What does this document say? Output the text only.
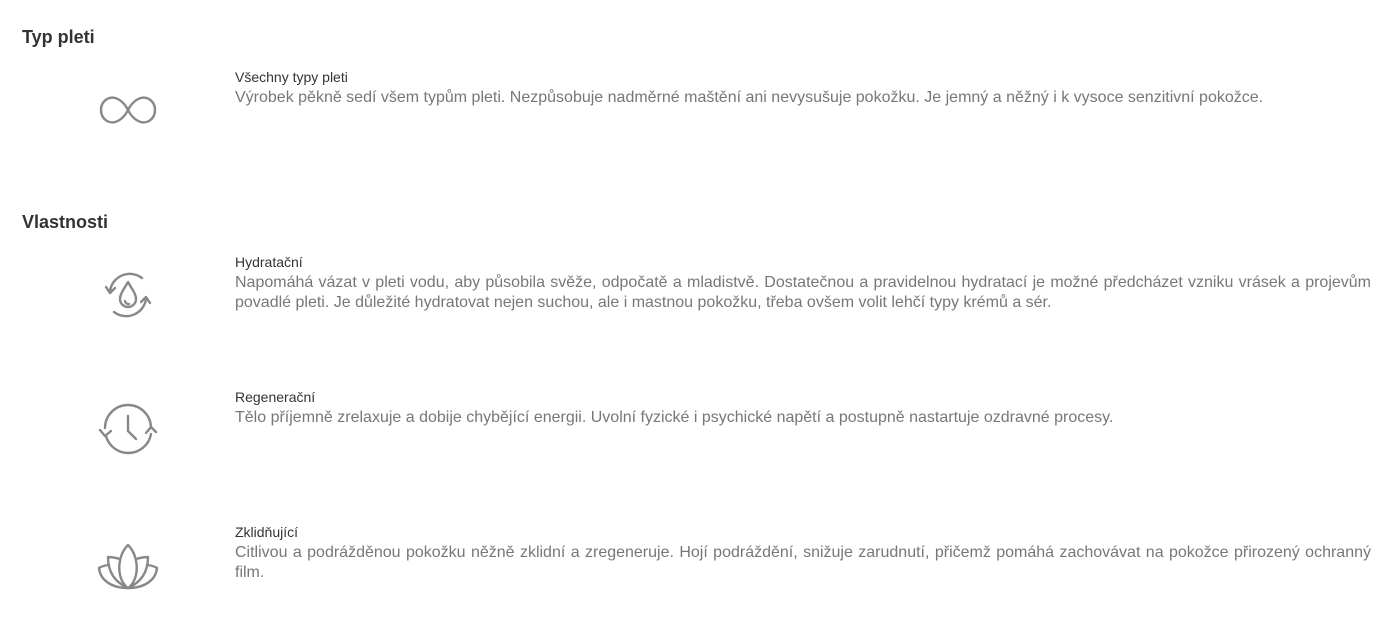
Typ pleti

Všechny typy pleti

Výrobek pěkně sedí všem typům pleti. Nezpůsobuje nadměrné maštění ani nevysušuje pokožku. Je jemný a něžný i k vysoce senzitivní pokožce.

Vlastnosti

Hydratační

Napomáhá vázat v pleti vodu, aby působila svěže, odpočatě a mladistvě. Dostatečnou a pravidelnou hydratací je možné předcházet vzniku vrásek a projevům povadlé pleti. Je důležité hydratovat nejen suchou, ale i mastnou pokožku, třeba ovšem volit lehčí typy krémů a sér.

Regenerační

Tělo příjemně zrelaxuje a dobije chybějící energii. Uvolní fyzické i psychické napětí a postupně nastartuje ozdravné procesy.

Zklidňující

Citlivou a podrážděnou pokožku něžně zklidní a zregeneruje. Hojí podráždění, snižuje zarudnutí, přičemž pomáhá zachovávat na pokožce přirozený ochranný film.
